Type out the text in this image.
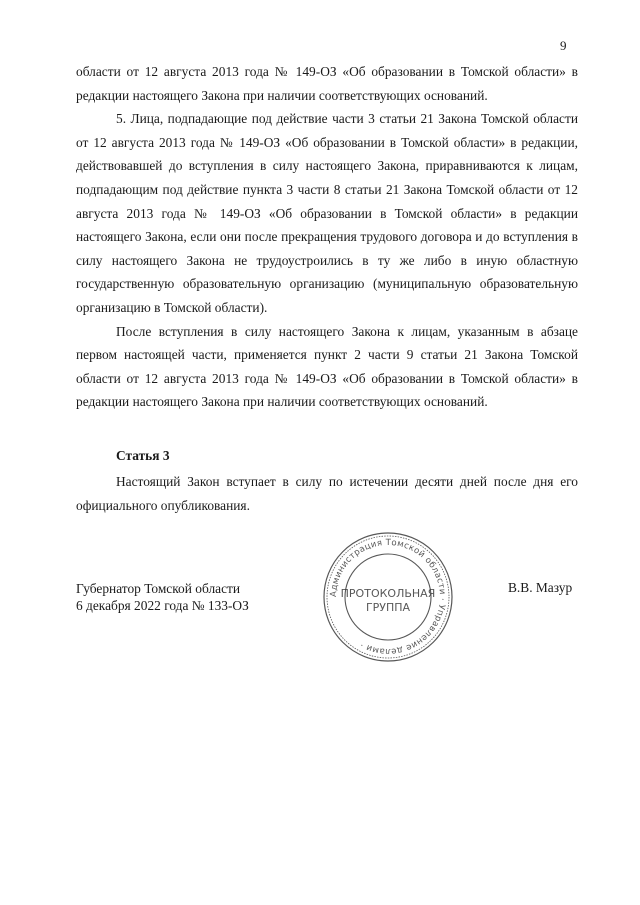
9

области от 12 августа 2013 года № 149-ОЗ «Об образовании в Томской области» в редакции настоящего Закона при наличии соответствующих оснований.

5. Лица, подпадающие под действие части 3 статьи 21 Закона Томской области от 12 августа 2013 года № 149-ОЗ «Об образовании в Томской области» в редакции, действовавшей до вступления в силу настоящего Закона, приравниваются к лицам, подпадающим под действие пункта 3 части 8 статьи 21 Закона Томской области от 12 августа 2013 года № 149-ОЗ «Об образовании в Томской области» в редакции настоящего Закона, если они после прекращения трудового договора и до вступления в силу настоящего Закона не трудоустроились в ту же либо в иную областную государственную образовательную организацию (муниципальную образовательную организацию в Томской области).

После вступления в силу настоящего Закона к лицам, указанным в абзаце первом настоящей части, применяется пункт 2 части 9 статьи 21 Закона Томской области от 12 августа 2013 года № 149-ОЗ «Об образовании в Томской области» в редакции настоящего Закона при наличии соответствующих оснований.

Статья 3

Настоящий Закон вступает в силу по истечении десяти дней после дня его официального опубликования.

Губернатор Томской области
6 декабря 2022 года № 133-ОЗ
В.В. Мазур
Администрация Томской области · Управление делами ·
ПРОТОКОЛЬНАЯ
ГРУППА
